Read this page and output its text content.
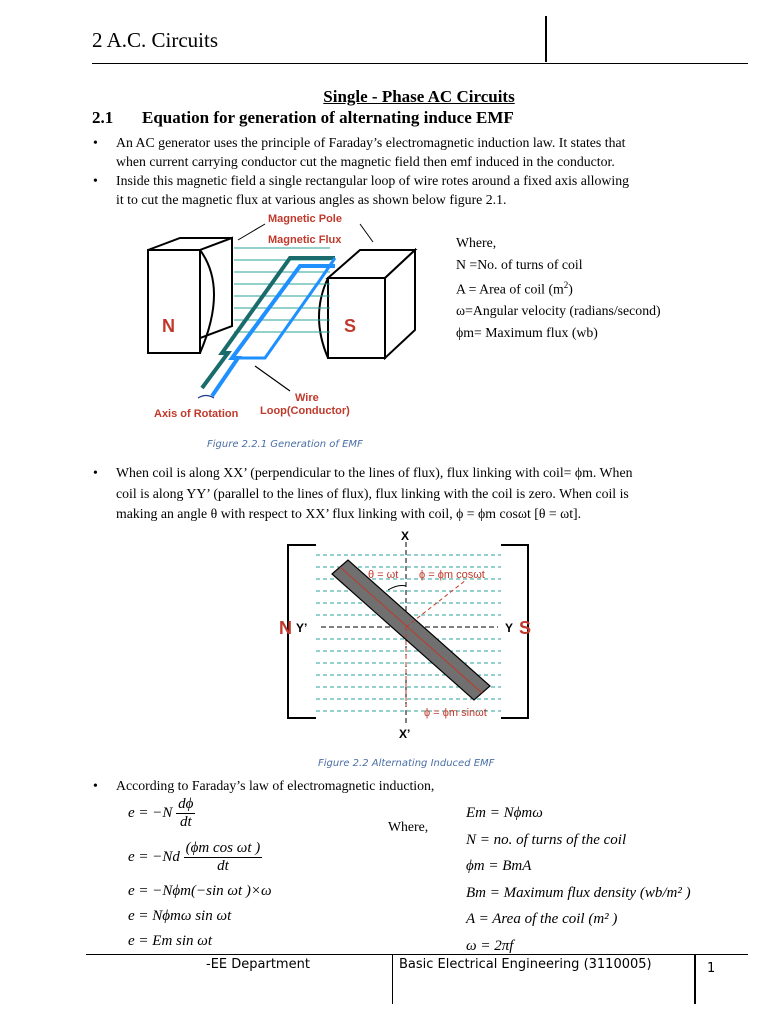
2 A.C. Circuits
Single - Phase AC Circuits
2.1 Equation for generation of alternating induce EMF
• An AC generator uses the principle of Faraday’s electromagnetic induction law. It states that
when current carrying conductor cut the magnetic field then emf induced in the conductor.
• Inside this magnetic field a single rectangular loop of wire rotes around a fixed axis allowing
it to cut the magnetic flux at various angles as shown below figure 2.1.
Magnetic Pole
Magnetic Flux
N	S
Wire
Loop(Conductor)
Axis of Rotation
Figure 2.2.1 Generation of EMF
Where,
N =No. of turns of coil
A = Area of coil $(m^2)$
ω=Angular velocity (radians/second)
ϕm= Maximum flux (wb)
• When coil is along XX’ (perpendicular to the lines of flux), flux linking with coil= ϕm. When
coil is along YY’ (parallel to the lines of flux), flux linking with the coil is zero. When coil is
making an angle θ with respect to XX’ flux linking with coil, ϕ = ϕm cosωt [θ = ωt].
X
X’
Y’	Y
N	S
θ = ωt ϕ = ϕm cosωt
ϕ = ϕm sinωt
Figure 2.2 Alternating Induced EMF
• According to Faraday’s law of electromagnetic induction,
$e = -N \frac{d\phi}{dt}$
$e = -Nd \frac{\text{(ϕm cos ωt )}}{dt}$
e = −Nϕm(−sin ωt )×ω
e = Nϕmω sin ωt
e = Em sin ωt
Where,
Em = Nϕmω
N = no. of turns of the coil
ϕm = BmA
Bm = Maximum flux density (wb/m² )
A = Area of the coil (m² )
ω = 2πf
-EE Department	Basic Electrical Engineering (3110005)	1
